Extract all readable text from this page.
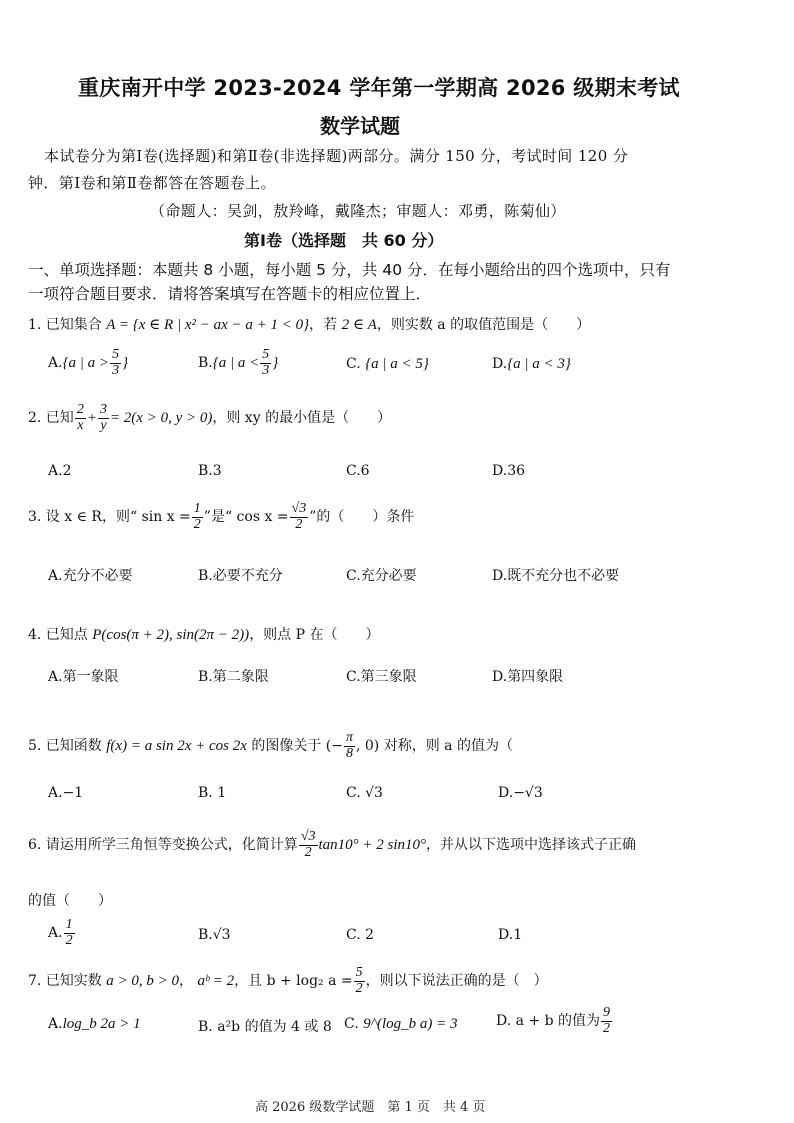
重庆南开中学 2023-2024 学年第一学期高 2026 级期末考试
数学试题
本试卷分为第Ⅰ卷(选择题)和第Ⅱ卷(非选择题)两部分。满分 150 分，考试时间 120 分
钟．第Ⅰ卷和第Ⅱ卷都答在答题卷上。
（命题人：吴剑，敖羚峰，戴隆杰；审题人：邓勇，陈菊仙）
第Ⅰ卷（选择题　共 60 分）
一、单项选择题：本题共 8 小题，每小题 5 分，共 40 分．在每小题给出的四个选项中，只有
一项符合题目要求．请将答案填写在答题卡的相应位置上．
1. 已知集合 A = {x ∈ R | x² − ax − a + 1 < 0}，若 2 ∈ A，则实数 a 的取值范围是（　　）
A.{a | $a > \frac{5}{3}$ }	B.{a | $a < \frac{5}{3}$ }	C. {a | a < 5}	D.{a | a < 3}
2. 已知 $\frac{2}{x} + \frac{3}{y} = 2(x > 0$, y > 0)，则 xy 的最小值是（　　）
A.2	B.3	C.6	D.36
3. 设 x ∈ R，则“ $\sin x = \frac{1}{2}$ ”是“ $\cos x = \frac{√3}{2}$ ”的（　　）条件
A.充分不必要	B.必要不充分	C.充分必要	D.既不充分也不必要
4. 已知点 P(cos(π + 2), sin(2π − 2))，则点 P 在（　　）
A.第一象限	B.第二象限	C.第三象限	D.第四象限
5. 已知函数 f(x) = a sin 2x + cos 2x 的图像关于 (− $\frac{\pi}{8}$ , 0) 对称，则 a 的值为（
A.−1	B. 1	C. √3	D.−√3
6. 请运用所学三角恒等变换公式，化简计算 $\frac{√3}{2} \tan 10^\circ + 2$ sin10°，并从以下选项中选择该式子正确
的值（　　）
A. $\frac{1}{2}$	B.√3	C. 2	D.1
7. 已知实数 a > 0, b > 0， aᵇ = 2，且 b + log₂ $a = \frac{5}{2}$ ，则以下说法正确的是（　）
A.log_b 2a > 1	B. a²b 的值为 4 或 8 C. 9^(log_b a) = 3	D. a + b 的值为 $\frac{9}{2}$
高 2026 级数学试题　第 1 页　共 4 页
